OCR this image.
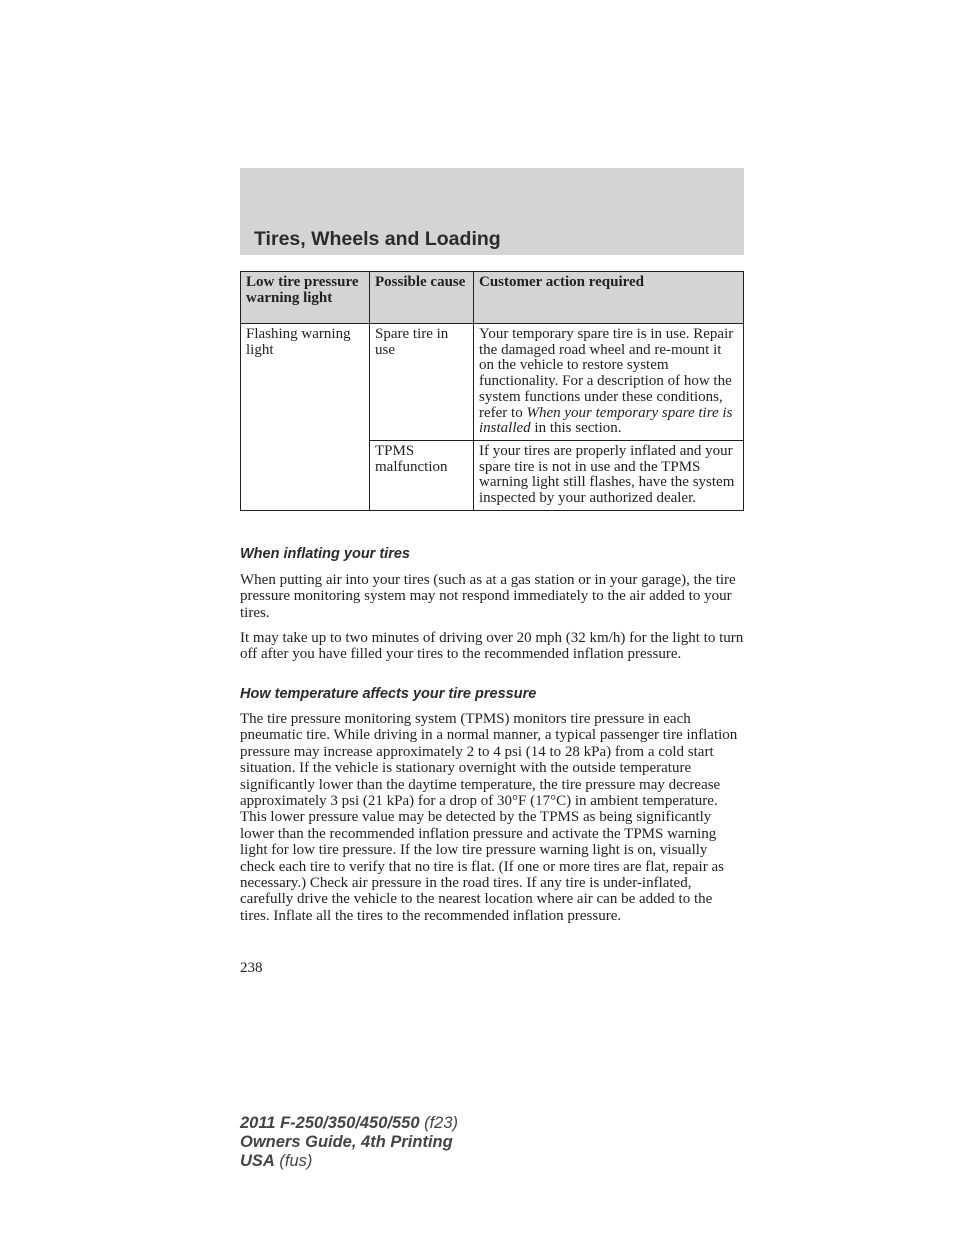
Tires, Wheels and Loading
Low tire pressure warning light	Possible cause	Customer action required
Flashing warning light	Spare tire in use	Your temporary spare tire is in use. Repair the damaged road wheel and re-mount it on the vehicle to restore system functionality. For a description of how the system functions under these conditions, refer to When your temporary spare tire is installed in this section.
	TPMS malfunction	If your tires are properly inflated and your spare tire is not in use and the TPMS warning light still flashes, have the system inspected by your authorized dealer.
When inflating your tires

When putting air into your tires (such as at a gas station or in your garage), the tire pressure monitoring system may not respond immediately to the air added to your tires.

It may take up to two minutes of driving over 20 mph (32 km/h) for the light to turn off after you have filled your tires to the recommended inflation pressure.

How temperature affects your tire pressure

The tire pressure monitoring system (TPMS) monitors tire pressure in each pneumatic tire. While driving in a normal manner, a typical passenger tire inflation pressure may increase approximately 2 to 4 psi (14 to 28 kPa) from a cold start situation. If the vehicle is stationary overnight with the outside temperature significantly lower than the daytime temperature, the tire pressure may decrease approximately 3 psi (21 kPa) for a drop of 30°F (17°C) in ambient temperature. This lower pressure value may be detected by the TPMS as being significantly lower than the recommended inflation pressure and activate the TPMS warning light for low tire pressure. If the low tire pressure warning light is on, visually check each tire to verify that no tire is flat. (If one or more tires are flat, repair as necessary.) Check air pressure in the road tires. If any tire is under-inflated, carefully drive the vehicle to the nearest location where air can be added to the tires. Inflate all the tires to the recommended inflation pressure.

238

2011 F-250/350/450/550 (f23)
Owners Guide, 4th Printing
USA (fus)
